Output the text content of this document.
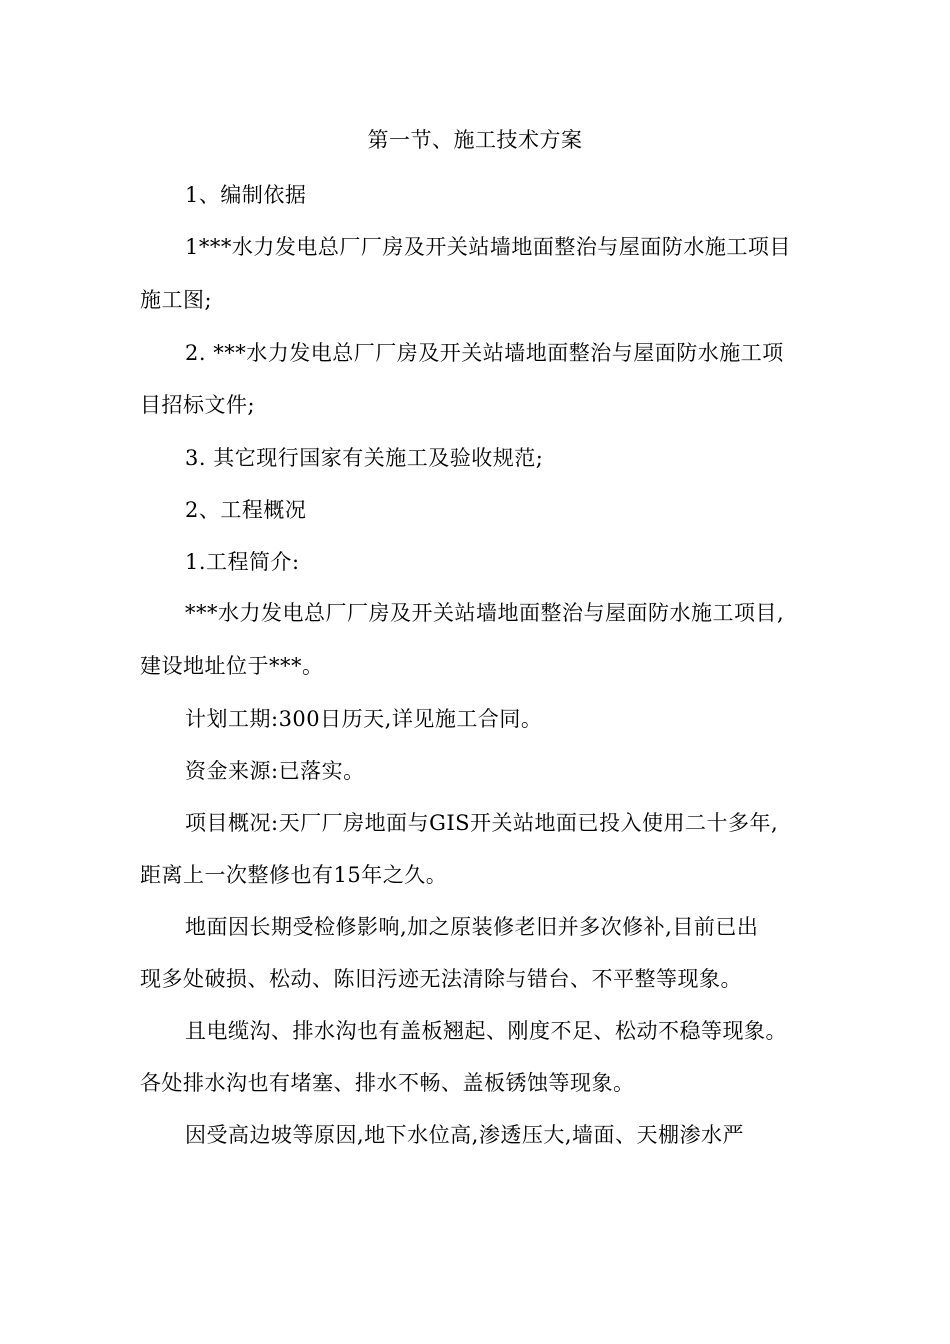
第一节、施工技术方案
1、编制依据
1***水力发电总厂厂房及开关站墙地面整治与屋面防水施工项目
施工图;
2. ***水力发电总厂厂房及开关站墙地面整治与屋面防水施工项
目招标文件;
3. 其它现行国家有关施工及验收规范;
2、工程概况
1.工程简介:
***水力发电总厂厂房及开关站墙地面整治与屋面防水施工项目,
建设地址位于***。
计划工期:300日历天,详见施工合同。
资金来源:已落实。
项目概况:天厂厂房地面与GIS开关站地面已投入使用二十多年,
距离上一次整修也有15年之久。
地面因长期受检修影响,加之原装修老旧并多次修补,目前已出
现多处破损、松动、陈旧污迹无法清除与错台、不平整等现象。
且电缆沟、排水沟也有盖板翘起、刚度不足、松动不稳等现象。
各处排水沟也有堵塞、排水不畅、盖板锈蚀等现象。
因受高边坡等原因,地下水位高,渗透压大,墙面、天棚渗水严
